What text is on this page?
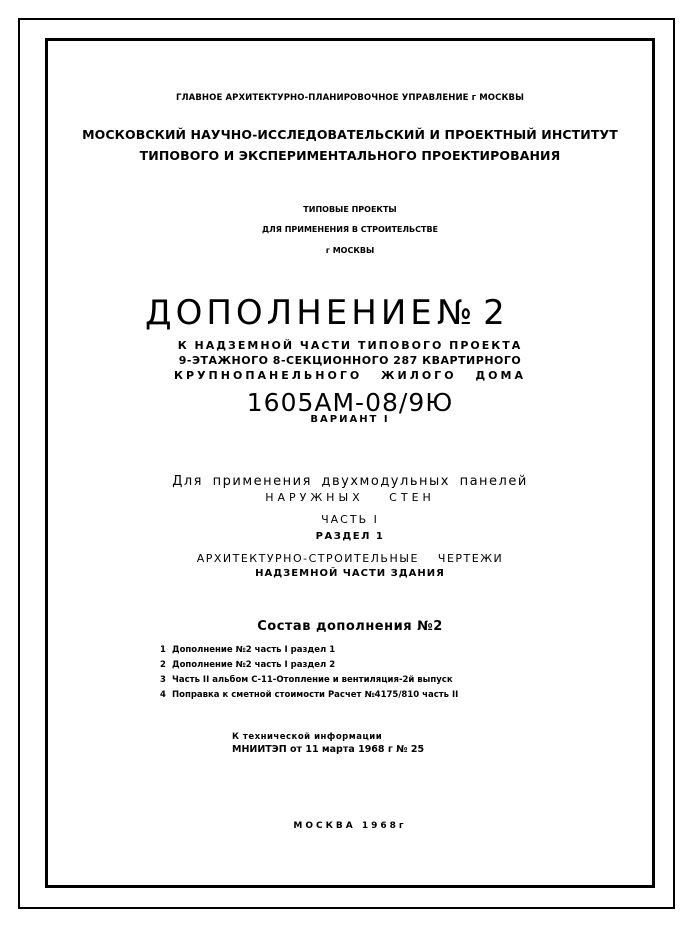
ГЛАВНОЕ АРХИТЕКТУРНО-ПЛАНИРОВОЧНОЕ УПРАВЛЕНИЕ г МОСКВЫ
МОСКОВСКИЙ НАУЧНО-ИССЛЕДОВАТЕЛЬСКИЙ И ПРОЕКТНЫЙ ИНСТИТУТ
ТИПОВОГО И ЭКСПЕРИМЕНТАЛЬНОГО ПРОЕКТИРОВАНИЯ
ТИПОВЫЕ ПРОЕКТЫ
ДЛЯ ПРИМЕНЕНИЯ В СТРОИТЕЛЬСТВЕ
г МОСКВЫ
ДОПОЛНЕНИЕ № 2
К НАДЗЕМНОЙ ЧАСТИ ТИПОВОГО ПРОЕКТА
9-ЭТАЖНОГО 8-СЕКЦИОННОГО 287 КВАРТИРНОГО
КРУПНОПАНЕЛЬНОГО ЖИЛОГО ДОМА
1605АМ-08/9Ю
ВАРИАНТ I
Для применения двухмодульных панелей
НАРУЖНЫХ СТЕН
ЧАСТЬ I
РАЗДЕЛ 1
АРХИТЕКТУРНО-СТРОИТЕЛЬНЫЕ ЧЕРТЕЖИ
НАДЗЕМНОЙ ЧАСТИ ЗДАНИЯ
Состав дополнения №2
1 Дополнение №2 часть I раздел 1
2 Дополнение №2 часть I раздел 2
3 Часть II альбом С-11-Отопление и вентиляция-2й выпуск
4 Поправка к сметной стоимости Расчет №4175/810 часть II
К технической информации
МНИИТЭП от 11 марта 1968 г № 25
МОСКВА 1968г
